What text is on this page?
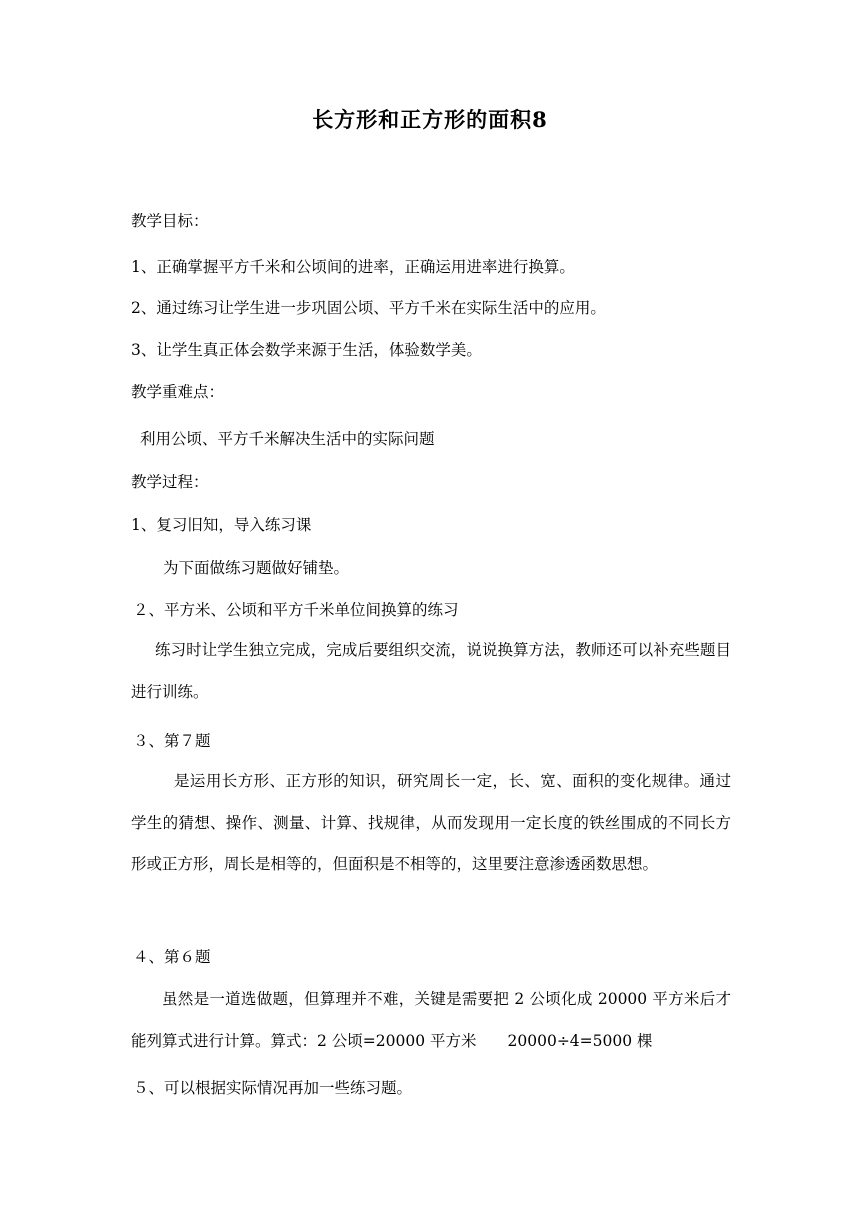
长方形和正方形的面积8
教学目标：
1、正确掌握平方千米和公顷间的进率，正确运用进率进行换算。
2、通过练习让学生进一步巩固公顷、平方千米在实际生活中的应用。
3、让学生真正体会数学来源于生活，体验数学美。
教学重难点：
利用公顷、平方千米解决生活中的实际问题
教学过程：
1、复习旧知，导入练习课
为下面做练习题做好铺垫。
２、平方米、公顷和平方千米单位间换算的练习
练习时让学生独立完成，完成后要组织交流，说说换算方法，教师还可以补充些题目进行训练。
３、第７题
是运用长方形、正方形的知识，研究周长一定，长、宽、面积的变化规律。通过学生的猜想、操作、测量、计算、找规律，从而发现用一定长度的铁丝围成的不同长方形或正方形，周长是相等的，但面积是不相等的，这里要注意渗透函数思想。
４、第６题
虽然是一道选做题，但算理并不难，关键是需要把 2 公顷化成 20000 平方米后才能列算式进行计算。算式：2 公顷=20000 平方米　　20000÷4=5000 棵
５、可以根据实际情况再加一些练习题。
